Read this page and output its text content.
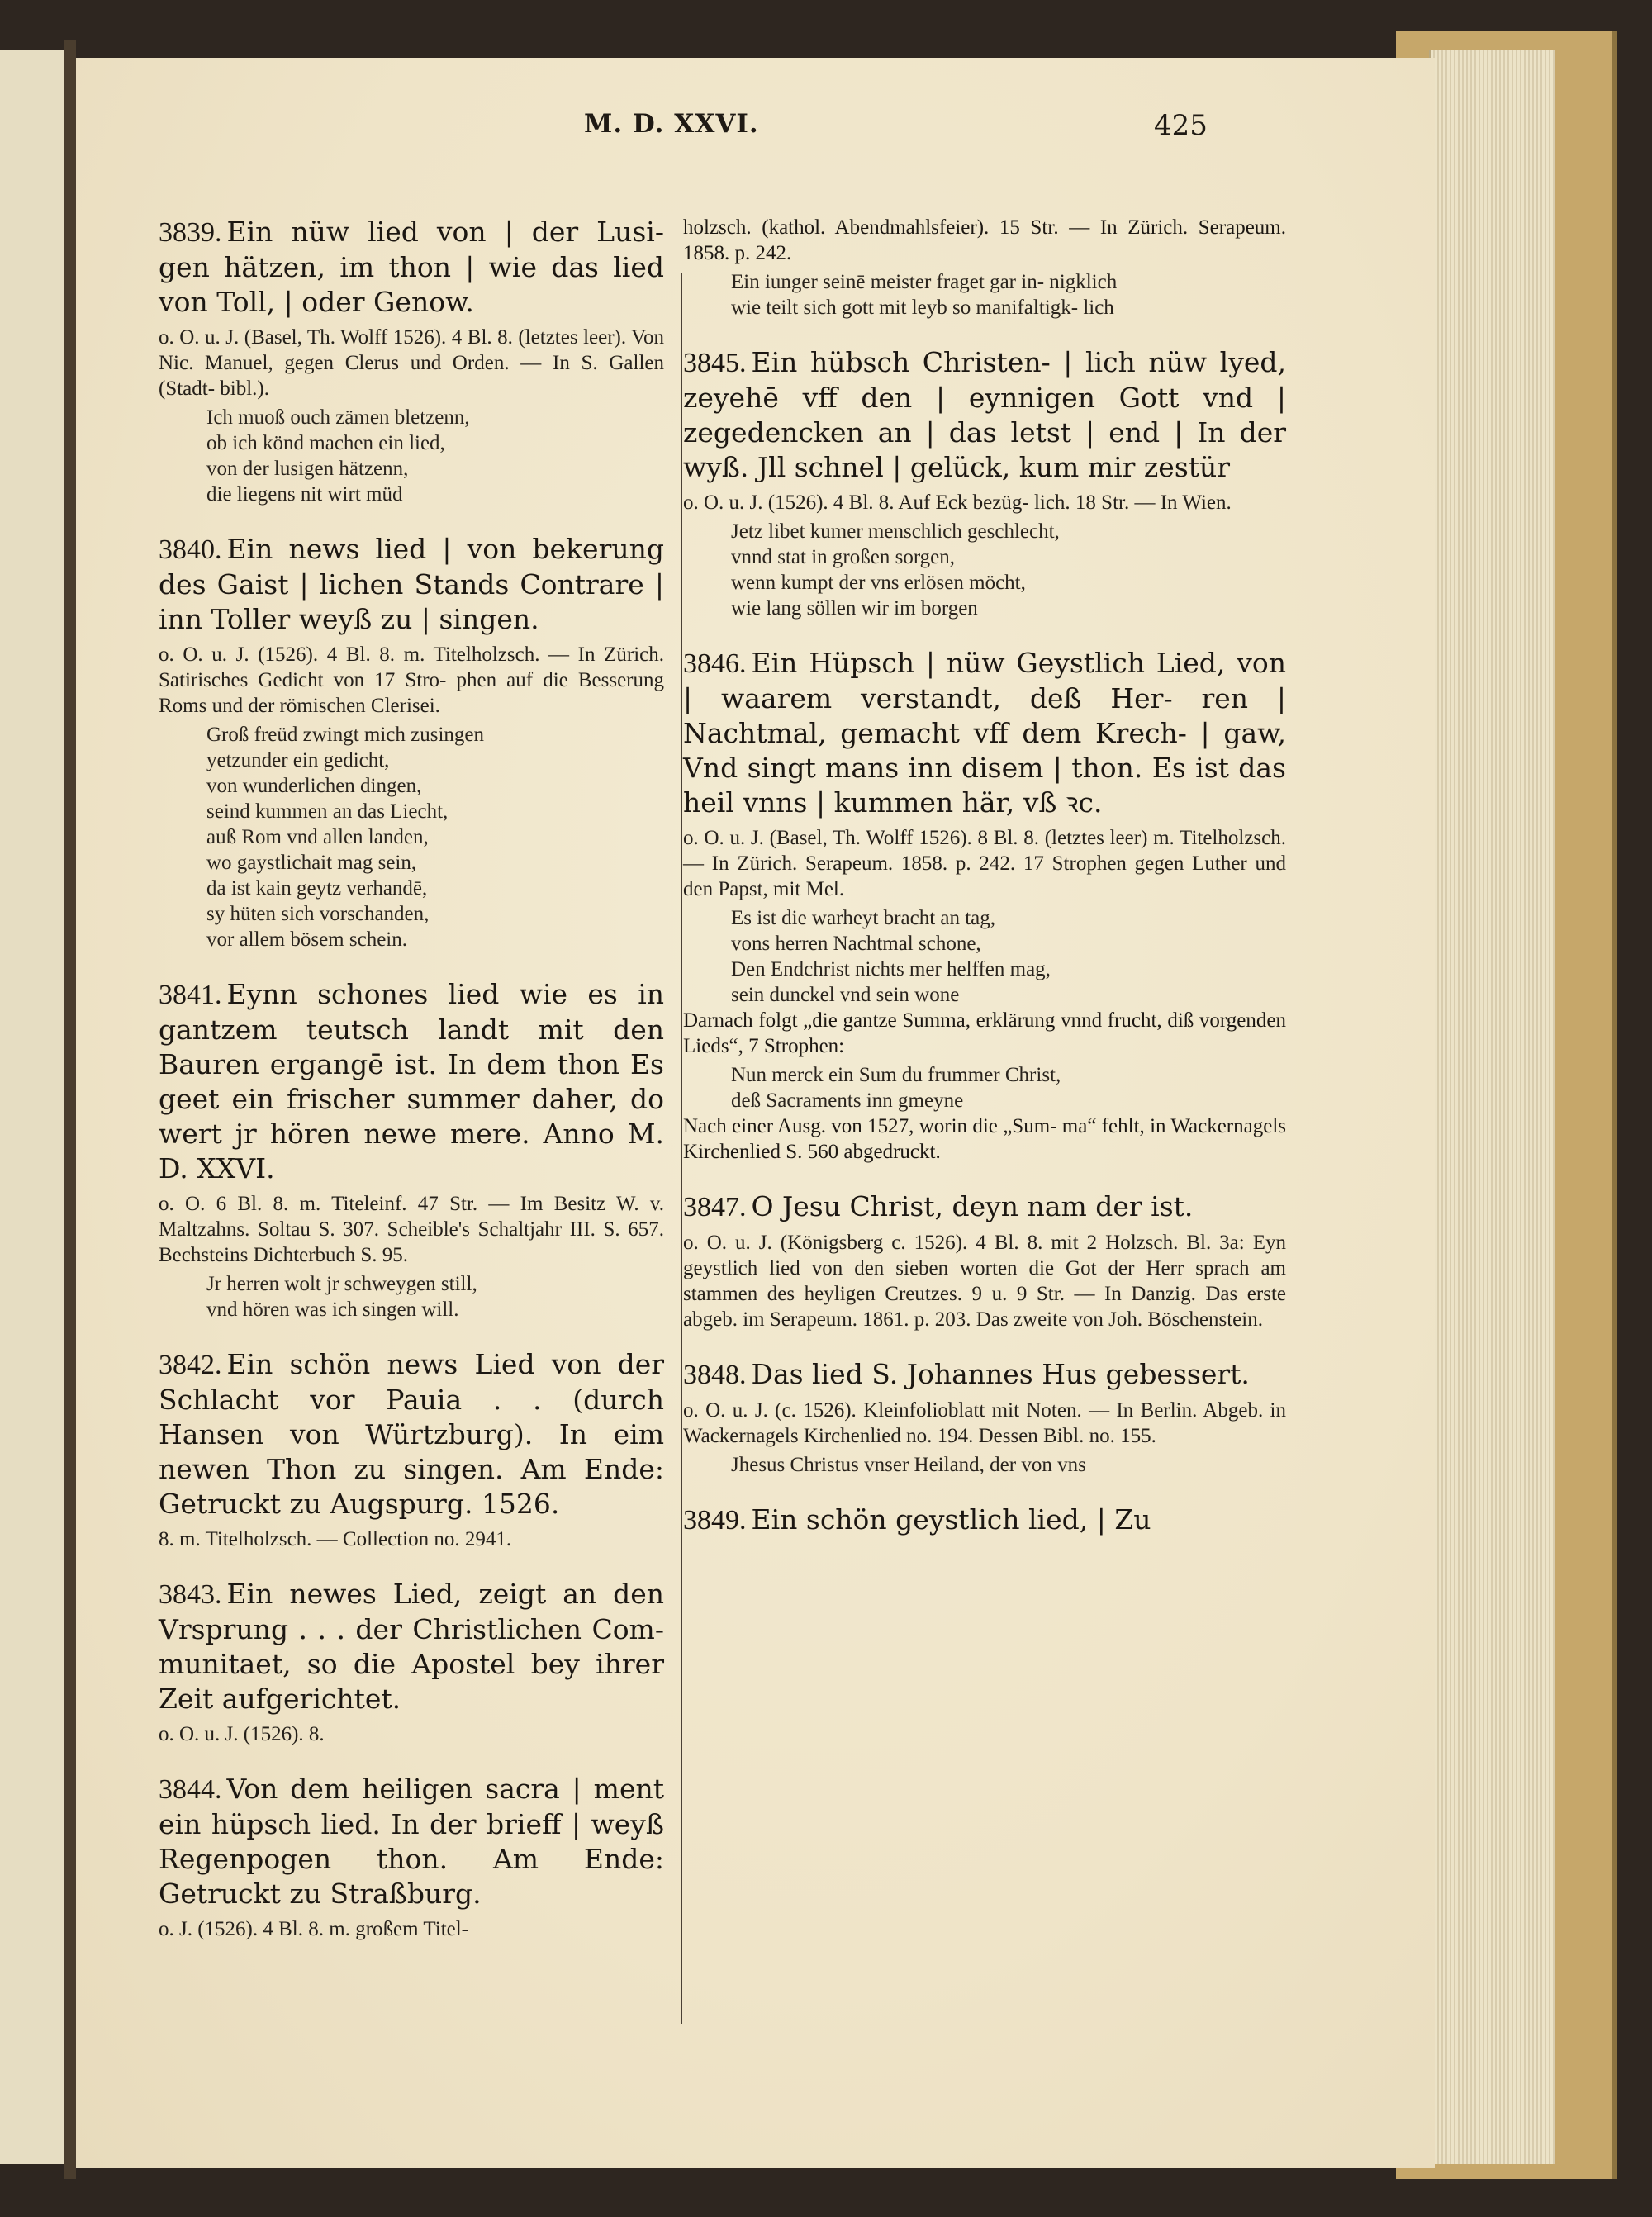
M. D. XXVI.	425

3839. Ein nüw lied von | der Lusi- gen hätzen, im thon | wie das lied von Toll, | oder Genow.

o. O. u. J. (Basel, Th. Wolff 1526). 4 Bl. 8. (letztes leer). Von Nic. Manuel, gegen Clerus und Orden. — In S. Gallen (Stadt- bibl.).

Ich muoß ouch zämen bletzenn,
ob ich könd machen ein lied,
von der lusigen hätzenn,
die liegens nit wirt müd

3840. Ein news lied | von bekerung des Gaist | lichen Stands Contrare | inn Toller weyß zu | singen.

o. O. u. J. (1526). 4 Bl. 8. m. Titelholzsch. — In Zürich. Satirisches Gedicht von 17 Stro- phen auf die Besserung Roms und der römischen Clerisei.

Groß freüd zwingt mich zusingen
yetzunder ein gedicht,
von wunderlichen dingen,
seind kummen an das Liecht,
auß Rom vnd allen landen,
wo gaystlichait mag sein,
da ist kain geytz verhandē,
sy hüten sich vorschanden,
vor allem bösem schein.

3841. Eynn schones lied wie es in gantzem teutsch landt mit den Bauren ergangē ist. In dem thon Es geet ein frischer summer daher, do wert jr hören newe mere. Anno M. D. XXVI.

o. O. 6 Bl. 8. m. Titeleinf. 47 Str. — Im Besitz W. v. Maltzahns. Soltau S. 307. Scheible's Schaltjahr III. S. 657. Bechsteins Dichterbuch S. 95.

Jr herren wolt jr schweygen still,
vnd hören was ich singen will.

3842. Ein schön news Lied von der Schlacht vor Pauia . . (durch Hansen von Würtzburg). In eim newen Thon zu singen. Am Ende: Getruckt zu Augspurg. 1526.

8. m. Titelholzsch. — Collection no. 2941.

3843. Ein newes Lied, zeigt an den Vrsprung . . . der Christlichen Com- munitaet, so die Apostel bey ihrer Zeit aufgerichtet.

o. O. u. J. (1526). 8.

3844. Von dem heiligen sacra | ment ein hüpsch lied. In der brieff | weyß Regenpogen thon. Am Ende: Getruckt zu Straßburg.

o. J. (1526). 4 Bl. 8. m. großem Titel-

holzsch. (kathol. Abendmahlsfeier). 15 Str. — In Zürich. Serapeum. 1858. p. 242.

Ein iunger seinē meister fraget gar in- nigklich
wie teilt sich gott mit leyb so manifaltigk- lich

3845. Ein hübsch Christen- | lich nüw lyed, zeyehē vff den | eynnigen Gott vnd | zegedencken an | das letst | end | In der wyß. Jll schnel | gelück, kum mir zestür

o. O. u. J. (1526). 4 Bl. 8. Auf Eck bezüg- lich. 18 Str. — In Wien.

Jetz libet kumer menschlich geschlecht,
vnnd stat in großen sorgen,
wenn kumpt der vns erlösen möcht,
wie lang söllen wir im borgen

3846. Ein Hüpsch | nüw Geystlich Lied, von | waarem verstandt, deß Her- ren | Nachtmal, gemacht vff dem Krech- | gaw, Vnd singt mans inn disem | thon. Es ist das heil vnns | kummen här, vß ꝛc.

o. O. u. J. (Basel, Th. Wolff 1526). 8 Bl. 8. (letztes leer) m. Titelholzsch. — In Zürich. Serapeum. 1858. p. 242. 17 Strophen gegen Luther und den Papst, mit Mel.

Es ist die warheyt bracht an tag,
vons herren Nachtmal schone,
Den Endchrist nichts mer helffen mag,
sein dunckel vnd sein wone

Darnach folgt „die gantze Summa, erklärung vnnd frucht, diß vorgenden Lieds“, 7 Strophen:

Nun merck ein Sum du frummer Christ,
deß Sacraments inn gmeyne

Nach einer Ausg. von 1527, worin die „Sum- ma“ fehlt, in Wackernagels Kirchenlied S. 560 abgedruckt.

3847. O Jesu Christ, deyn nam der ist.

o. O. u. J. (Königsberg c. 1526). 4 Bl. 8. mit 2 Holzsch. Bl. 3a: Eyn geystlich lied von den sieben worten die Got der Herr sprach am stammen des heyligen Creutzes. 9 u. 9 Str. — In Danzig. Das erste abgeb. im Serapeum. 1861. p. 203. Das zweite von Joh. Böschenstein.

3848. Das lied S. Johannes Hus gebessert.

o. O. u. J. (c. 1526). Kleinfolioblatt mit Noten. — In Berlin. Abgeb. in Wackernagels Kirchenlied no. 194. Dessen Bibl. no. 155.

Jhesus Christus vnser Heiland, der von vns

3849. Ein schön geystlich lied, | Zu
